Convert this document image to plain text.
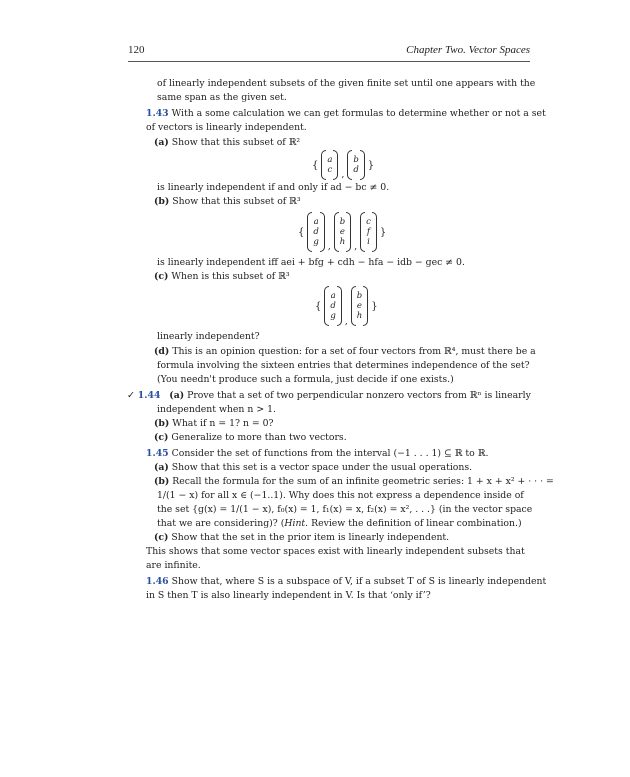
120	Chapter Two. Vector Spaces
of linearly independent subsets of the given finite set until one appears with the
same span as the given set.
1.43 With a some calculation we can get formulas to determine whether or not a set
of vectors is linearly independent.
(a) Show that this subset of ℝ²
{ a
c ,
b
d }
is linearly independent if and only if ad − bc ≠ 0.
(b) Show that this subset of ℝ³
{
a
d
g ,
b
e
h ,
c
f
i
}
is linearly independent iff aei + bfg + cdh − hfa − idb − gec ≠ 0.
(c) When is this subset of ℝ³
{
a
d
g
,
b
e
h
}
linearly independent?
(d) This is an opinion question: for a set of four vectors from ℝ⁴, must there be a
formula involving the sixteen entries that determines independence of the set?
(You needn't produce such a formula, just decide if one exists.)
✓ 1.44 (a) Prove that a set of two perpendicular nonzero vectors from ℝⁿ is linearly
independent when n > 1.
(b) What if n = 1? n = 0?
(c) Generalize to more than two vectors.
1.45 Consider the set of functions from the interval (−1 . . . 1) ⊆ ℝ to ℝ.
(a) Show that this set is a vector space under the usual operations.
(b) Recall the formula for the sum of an infinite geometric series: 1 + x + x² + · · · =
1/(1 − x) for all x ∈ (−1..1). Why does this not express a dependence inside of
the set {g(x) = 1/(1 − x), f₀(x) = 1, f₁(x) = x, f₂(x) = x², . . .} (in the vector space
that we are considering)? (Hint. Review the definition of linear combination.)
(c) Show that the set in the prior item is linearly independent.
This shows that some vector spaces exist with linearly independent subsets that
are infinite.
1.46 Show that, where S is a subspace of V, if a subset T of S is linearly independent
in S then T is also linearly independent in V. Is that ‘only if’?
